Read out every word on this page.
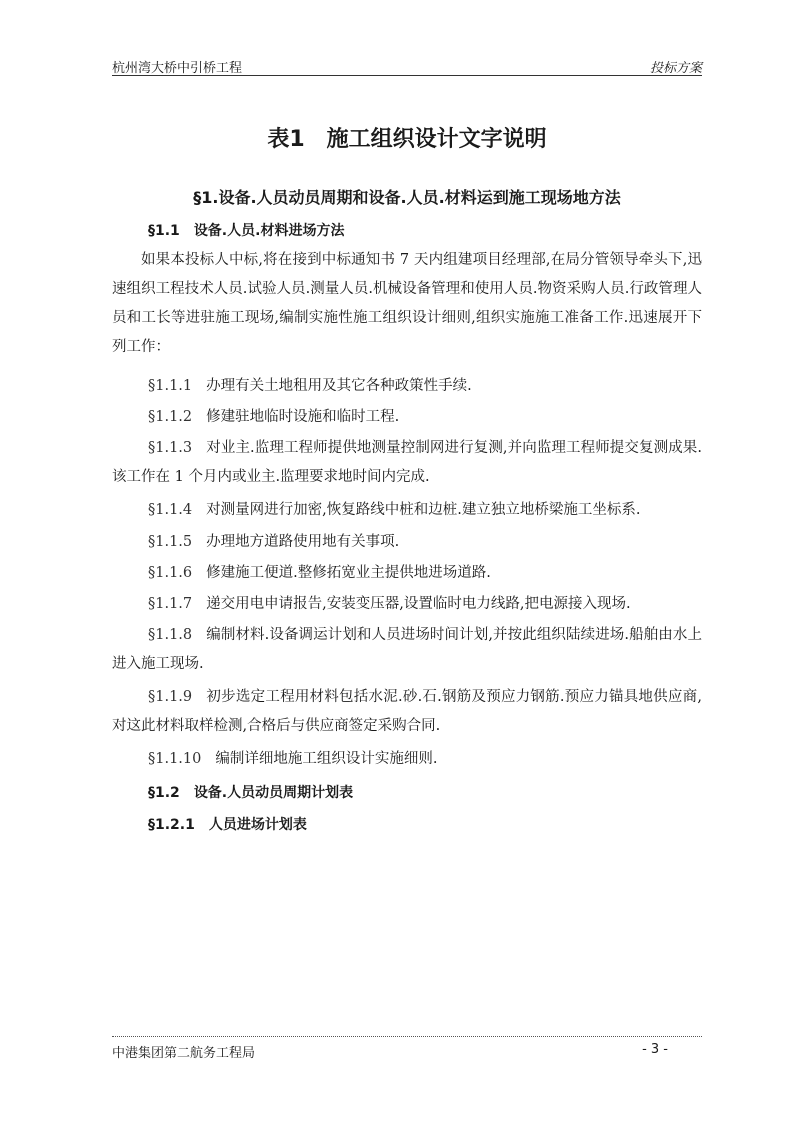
杭州湾大桥中引桥工程	投标方案
表1　施工组织设计文字说明
§1.设备.人员动员周期和设备.人员.材料运到施工现场地方法
§1.1 设备.人员.材料进场方法

如果本投标人中标,将在接到中标通知书 7 天内组建项目经理部,在局分管领导牵头下,迅速组织工程技术人员.试验人员.测量人员.机械设备管理和使用人员.物资采购人员.行政管理人员和工长等进驻施工现场,编制实施性施工组织设计细则,组织实施施工准备工作.迅速展开下列工作：

§1.1.1 办理有关土地租用及其它各种政策性手续.

§1.1.2 修建驻地临时设施和临时工程.

§1.1.3 对业主.监理工程师提供地测量控制网进行复测,并向监理工程师提交复测成果.该工作在 1 个月内或业主.监理要求地时间内完成.

§1.1.4 对测量网进行加密,恢复路线中桩和边桩.建立独立地桥梁施工坐标系.

§1.1.5 办理地方道路使用地有关事项.

§1.1.6 修建施工便道.整修拓宽业主提供地进场道路.

§1.1.7 递交用电申请报告,安装变压器,设置临时电力线路,把电源接入现场.

§1.1.8 编制材料.设备调运计划和人员进场时间计划,并按此组织陆续进场.船舶由水上进入施工现场.

§1.1.9 初步选定工程用材料包括水泥.砂.石.钢筋及预应力钢筋.预应力锚具地供应商,对这此材料取样检测,合格后与供应商签定采购合同.

§1.1.10 编制详细地施工组织设计实施细则.

§1.2 设备.人员动员周期计划表
§1.2.1 人员进场计划表
中港集团第二航务工程局	- 3 -
